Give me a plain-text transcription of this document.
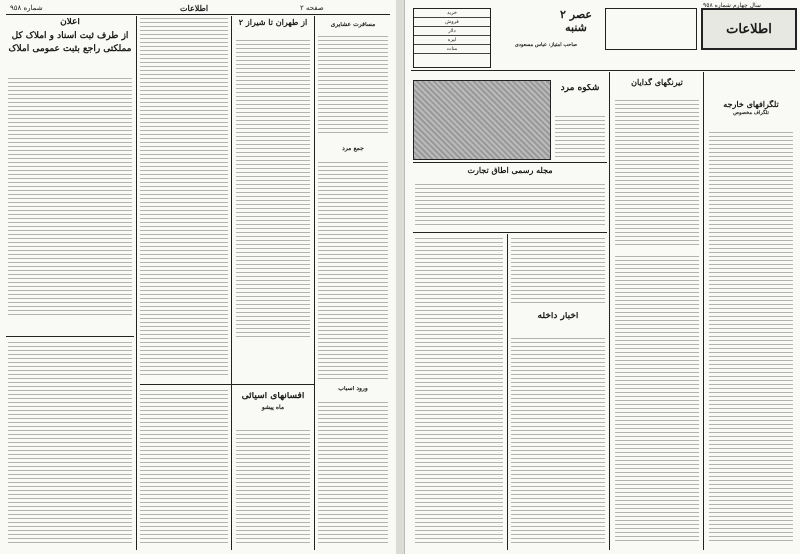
اطلاعات	صفحه ٢
شماره ٩٥٨
اعلان
از طرف ثبت اسناد و املاک کل
مملکتی راجع بثبت عمومی املاک
از طهران تا شیراز ٢	مسافرت عشایری
جمع مرد
افسانهای آسیائی
ماه پیشو
ورود اسباب
اطلاعات
سال چهارم شماره ٩٥٨
عصر ۲ شنبه
صاحب امتیاز: عباس مسعودی
خرید
فروش
دلار
لیره
منات
تلگرافهای خارجه
تلگراف مخصوص
تیرنگهای گدایان
شکوه مرد
مجله رسمی اطاق تجارت
اخبار داخله
